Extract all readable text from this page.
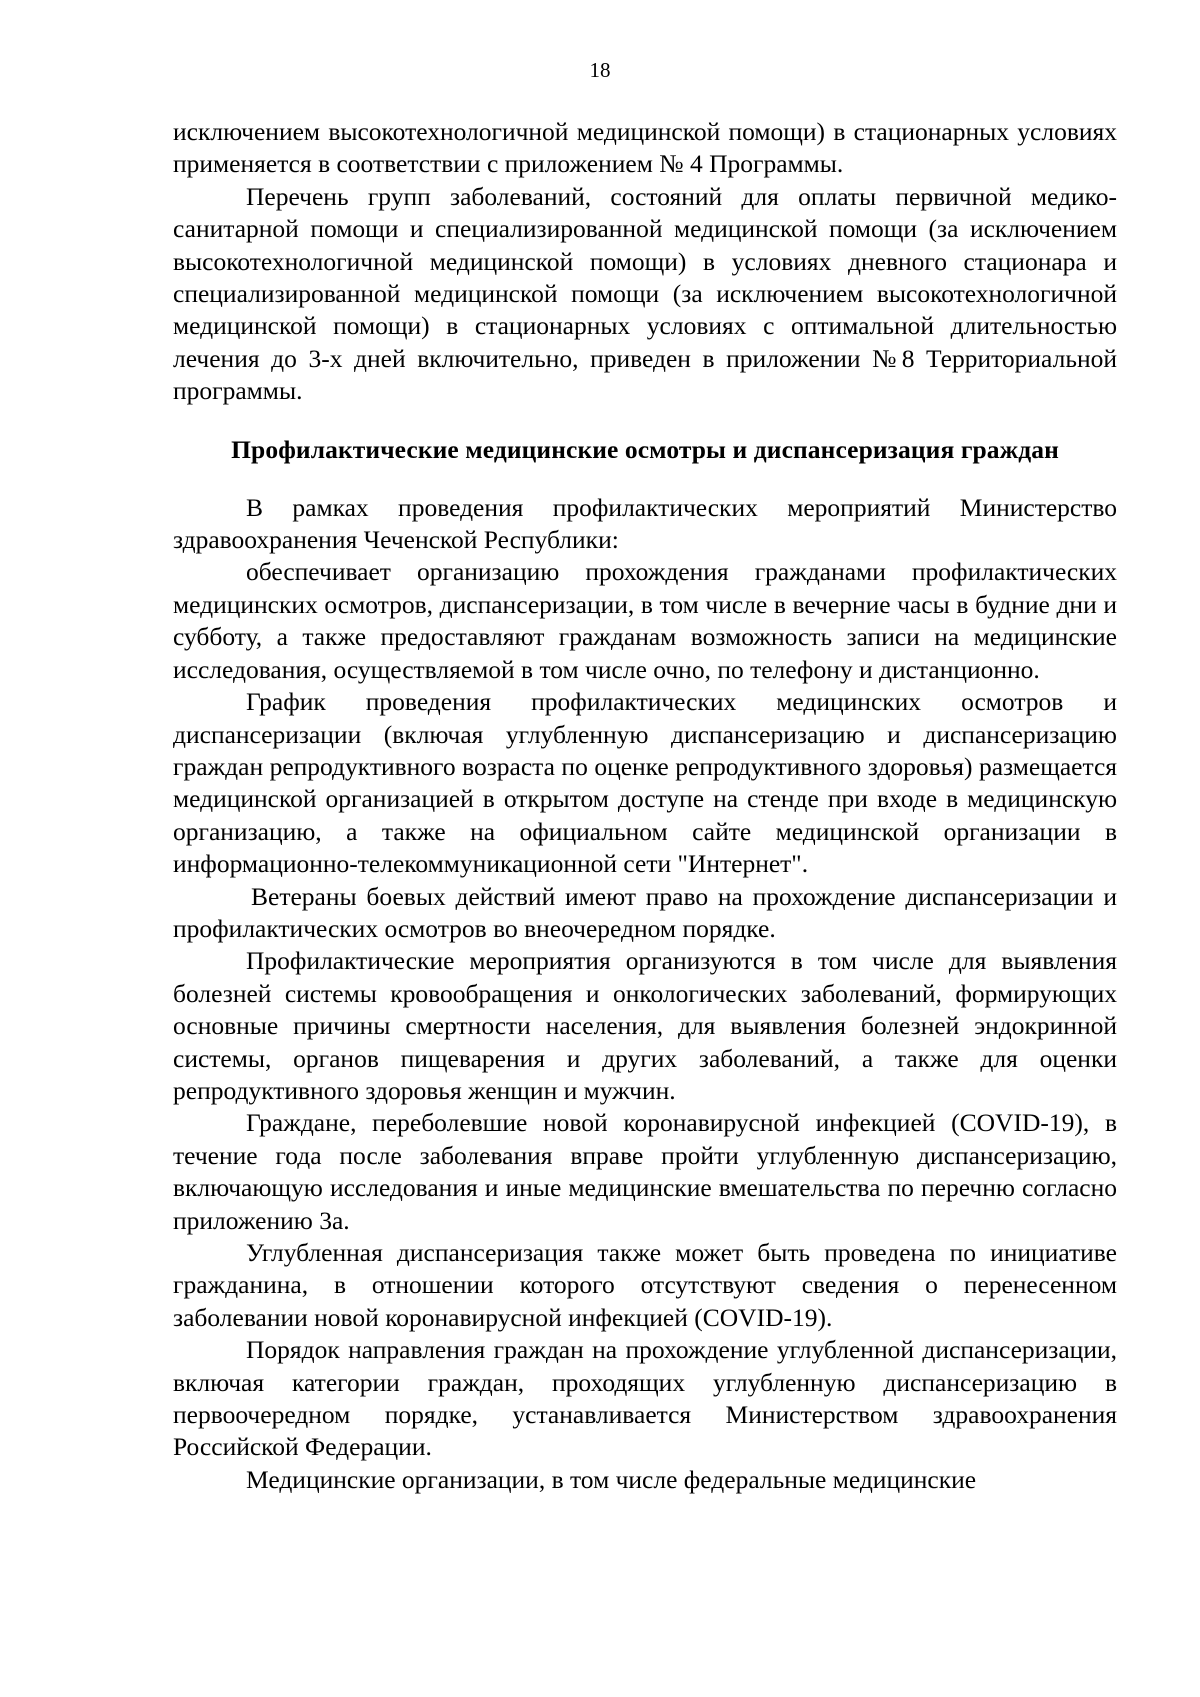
18

исключением высокотехнологичной медицинской помощи) в стационарных условиях применяется в соответствии с приложением № 4 Программы.

Перечень групп заболеваний, состояний для оплаты первичной медико-санитарной помощи и специализированной медицинской помощи (за исключением высокотехнологичной медицинской помощи) в условиях дневного стационара и специализированной медицинской помощи (за исключением высокотехнологичной медицинской помощи) в стационарных условиях с оптимальной длительностью лечения до 3-х дней включительно, приведен в приложении №8 Территориальной программы.

Профилактические медицинские осмотры и диспансеризация граждан

В рамках проведения профилактических мероприятий Министерство здравоохранения Чеченской Республики:

обеспечивает организацию прохождения гражданами профилактических медицинских осмотров, диспансеризации, в том числе в вечерние часы в будние дни и субботу, а также предоставляют гражданам возможность записи на медицинские исследования, осуществляемой в том числе очно, по телефону и дистанционно.

График проведения профилактических медицинских осмотров и диспансеризации (включая углубленную диспансеризацию и диспансеризацию граждан репродуктивного возраста по оценке репродуктивного здоровья) размещается медицинской организацией в открытом доступе на стенде при входе в медицинскую организацию, а также на официальном сайте медицинской организации в информационно-телекоммуникационной сети "Интернет".

Ветераны боевых действий имеют право на прохождение диспансеризации и профилактических осмотров во внеочередном порядке.

Профилактические мероприятия организуются в том числе для выявления болезней системы кровообращения и онкологических заболеваний, формирующих основные причины смертности населения, для выявления болезней эндокринной системы, органов пищеварения и других заболеваний, а также для оценки репродуктивного здоровья женщин и мужчин.

Граждане, переболевшие новой коронавирусной инфекцией (COVID-19), в течение года после заболевания вправе пройти углубленную диспансеризацию, включающую исследования и иные медицинские вмешательства по перечню согласно приложению 3а.

Углубленная диспансеризация также может быть проведена по инициативе гражданина, в отношении которого отсутствуют сведения о перенесенном заболевании новой коронавирусной инфекцией (COVID-19).

Порядок направления граждан на прохождение углубленной диспансеризации, включая категории граждан, проходящих углубленную диспансеризацию в первоочередном порядке, устанавливается Министерством здравоохранения Российской Федерации.

Медицинские организации, в том числе федеральные медицинские
